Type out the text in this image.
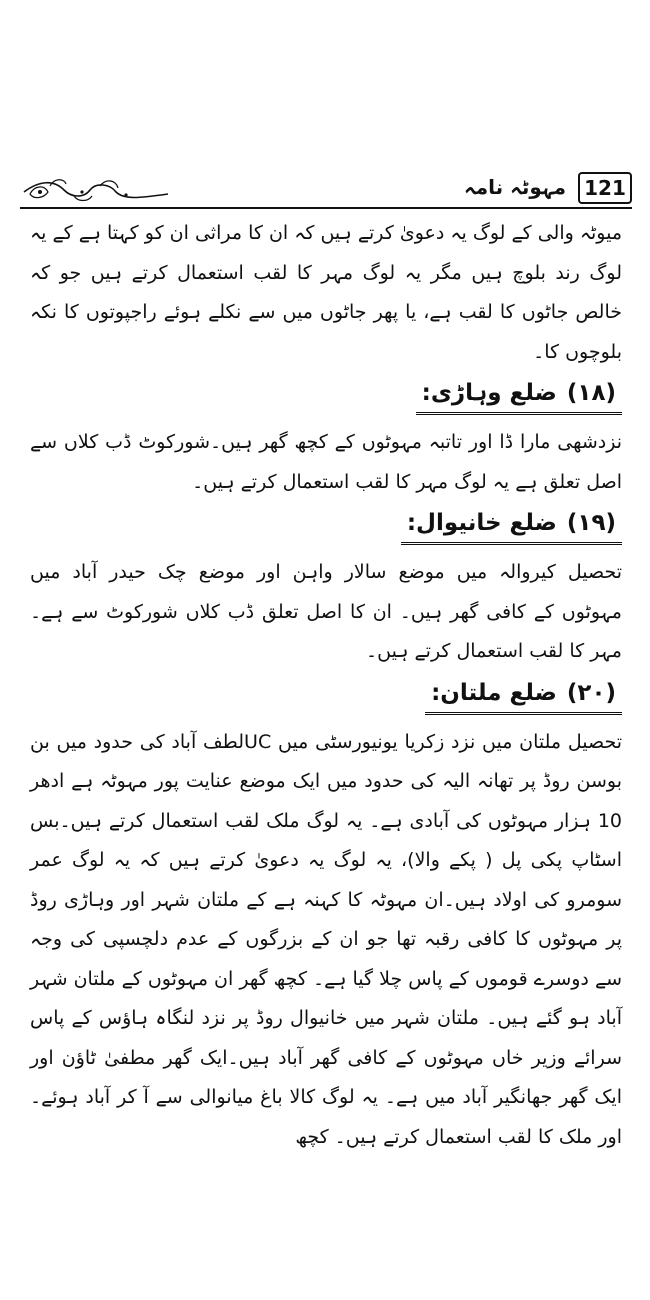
121
مہوٹہ نامہ

میوٹہ والی کے لوگ یہ دعویٰ کرتے ہیں کہ ان کا مراثی ان کو کہتا ہے کے یہ لوگ رند بلوچ ہیں مگر یہ لوگ مہر کا لقب استعمال کرتے ہیں جو کہ خالص جاٹوں کا لقب ہے، یا پھر جاٹوں میں سے نکلے ہوئے راجپوتوں کا نکہ بلوچوں کا۔

(۱۸)ضلع وہاڑی:

نزدشھی مارا ڈا اور تاتبہ مہوٹوں کے کچھ گھر ہیں۔شورکوٹ ڈب کلاں سے اصل تعلق ہے یہ لوگ مہر کا لقب استعمال کرتے ہیں۔

(۱۹)ضلع خانیوال:

تحصیل کیروالہ میں موضع سالار واہن اور موضع چک حیدر آباد میں مہوٹوں کے کافی گھر ہیں۔ ان کا اصل تعلق ڈب کلاں شورکوٹ سے ہے۔مہر کا لقب استعمال کرتے ہیں۔

(۲۰)ضلع ملتان:

تحصیل ملتان میں نزد زکریا یونیورسٹی میں UCلطف آباد کی حدود میں بن بوسن روڈ پر تھانہ الیہ کی حدود میں ایک موضع عنایت پور مہوٹہ ہے ادھر 10 ہزار مہوٹوں کی آبادی ہے۔ یہ لوگ ملک لقب استعمال کرتے ہیں۔بس اسٹاپ پکی پل ( پکے والا)، یہ لوگ یہ دعویٰ کرتے ہیں کہ یہ لوگ عمر سومرو کی اولاد ہیں۔ان مہوٹہ کا کہنہ ہے کے ملتان شہر اور وہاڑی روڈ پر مہوٹوں کا کافی رقبہ تھا جو ان کے بزرگوں کے عدم دلچسپی کی وجہ سے دوسرے قوموں کے پاس چلا گیا ہے۔ کچھ گھر ان مہوٹوں کے ملتان شہر آباد ہو گئے ہیں۔ ملتان شہر میں خانیوال روڈ پر نزد لنگاہ ہاؤس کے پاس سرائے وزیر خاں مہوٹوں کے کافی گھر آباد ہیں۔ایک گھر مطفیٰ ٹاؤن اور ایک گھر جھانگیر آباد میں ہے۔ یہ لوگ کالا باغ میانوالی سے آ کر آباد ہوئے۔ اور ملک کا لقب استعمال کرتے ہیں۔ کچھ
